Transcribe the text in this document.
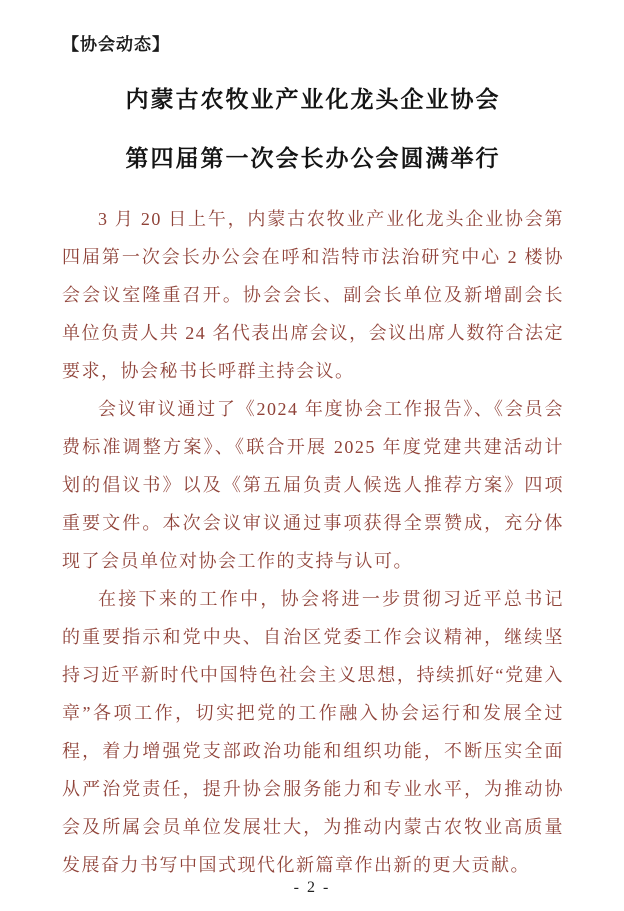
【协会动态】
内蒙古农牧业产业化龙头企业协会
第四届第一次会长办公会圆满举行

3 月 20 日上午，内蒙古农牧业产业化龙头企业协会第四届第一次会长办公会在呼和浩特市法治研究中心 2 楼协会会议室隆重召开。协会会长、副会长单位及新增副会长单位负责人共 24 名代表出席会议，会议出席人数符合法定要求，协会秘书长呼群主持会议。

会议审议通过了《2024 年度协会工作报告》、《会员会费标准调整方案》、《联合开展 2025 年度党建共建活动计划的倡议书》以及《第五届负责人候选人推荐方案》四项重要文件。本次会议审议通过事项获得全票赞成，充分体现了会员单位对协会工作的支持与认可。

在接下来的工作中，协会将进一步贯彻习近平总书记的重要指示和党中央、自治区党委工作会议精神，继续坚持习近平新时代中国特色社会主义思想，持续抓好“党建入章”各项工作，切实把党的工作融入协会运行和发展全过程，着力增强党支部政治功能和组织功能，不断压实全面从严治党责任，提升协会服务能力和专业水平，为推动协会及所属会员单位发展壮大，为推动内蒙古农牧业高质量发展奋力书写中国式现代化新篇章作出新的更大贡献。

- 2 -
